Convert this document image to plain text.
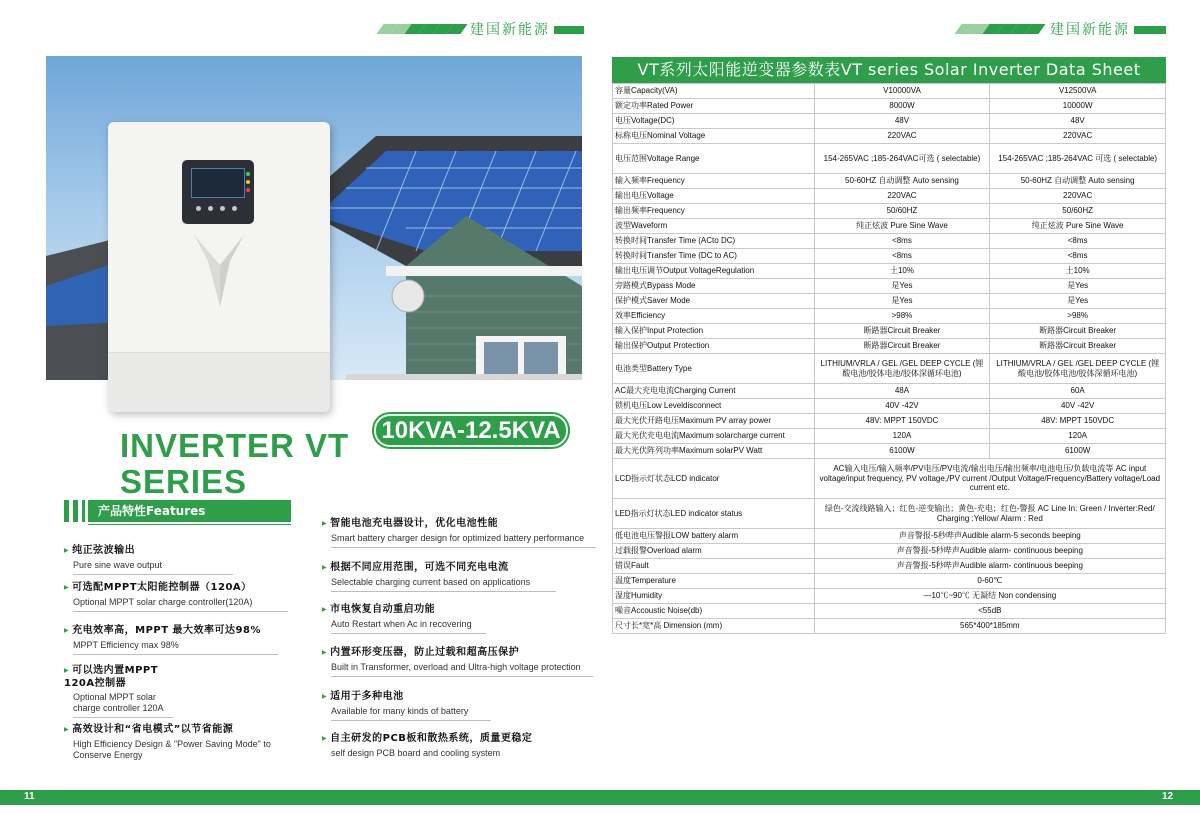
建国新能源
10KVA-12.5KVA
INVERTER VT
SERIES
产品特性Features
▶ 纯正弦波输出
Pure sine wave output
▶ 可选配MPPT太阳能控制器（120A）
Optional MPPT solar charge controller(120A)
▶ 充电效率高，MPPT 最大效率可达98%
MPPT Efficiency max 98%
▶ 可以选内置MPPT 120A控制器
Optional MPPT solar charge controller 120A
▶ 高效设计和“省电模式”以节省能源
High Efficiency Design & "Power Saving Mode" to Conserve Energy
▶ 智能电池充电器设计，优化电池性能
Smart battery charger design for optimized battery performance
▶ 根据不同应用范围，可选不同充电电流
Selectable charging current based on applications
▶ 市电恢复自动重启功能
Auto Restart when Ac in recovering
▶ 内置环形变压器，防止过载和超高压保护
Built in Transformer, overload and Ultra-high voltage protection
▶ 适用于多种电池
Available for many kinds of battery
▶ 自主研发的PCB板和散热系统，质量更稳定
self design PCB board and cooling system
11
建国新能源
VT系列太阳能逆变器参数表VT series Solar Inverter Data Sheet
容量Capacity(VA)	V10000VA	V12500VA
额定功率Rated Power	8000W	10000W
电压Voltage(DC)	48V	48V
标称电压Nominal Voltage	220VAC	220VAC
电压范围Voltage Range	154-265VAC ;185-264VAC可选 ( selectable)	154-265VAC ;185-264VAC 可选 ( selectable)
输入频率Frequency	50-60HZ 自动调整 Auto sensing	50-60HZ 自动调整 Auto sensing
输出电压Voltage	220VAC	220VAC
输出频率Frequency	50/60HZ	50/60HZ
波型Waveform	纯正炫波 Pure Sine Wave	纯正炫波 Pure Sine Wave
转换时间Transfer Time (ACto DC)	<8ms	<8ms
转换时间Transfer Time (DC to AC)	<8ms	<8ms
输出电压调节Output VoltageRegulation	土10%	土10%
旁路模式Bypass Mode	是Yes	是Yes
保护模式Saver Mode	是Yes	是Yes
效率Efficiency	>98%	>98%
输入保护Input Protection	断路器Circuit Breaker	断路器Circuit Breaker
输出保护Output Protection	断路器Circuit Breaker	断路器Circuit Breaker
电池类型Battery Type	LITHIUM/VRLA / GEL /GEL DEEP CYCLE (锂酸电池/胶体电池/胶体深循环电池)	LITHIUM/VRLA / GEL /GEL DEEP CYCLE (锂酸电池/胶体电池/胶体深循环电池)
AC最大充电电流Charging Current	48A	60A
锁机电压Low Leveldisconnect	40V -42V	40V -42V
最大光伏开路电压Maximum PV array power	48V: MPPT 150VDC	48V: MPPT 150VDC
最大光伏充电电流Maximum solarcharge current	120A	120A
最大光伏阵列功率Maximum solarPV Watt	6100W	6100W
LCD指示灯状态LCD indicator	AC输入电压/输入频率/PV电压/PV电流/输出电压/输出频率/电池电压/负载电流等 AC input voltage/input frequency, PV voltage,/PV current /Output Voltage/Frequency/Battery voltage/Load current etc.	
LED指示灯状态LED indicator status	绿色-交流线路输入；红色-逆变输出；黄色-充电；红色-警报 AC Line In: Green / Inverter:Red/ Charging :Yellow/ Alarm : Red	
低电池电压警报LOW battery alarm	声音警报-5秒哔声Audible alarm-5 seconds beeping	
过载报警Overload alarm	声音警报-5秒哔声Audible alarm- continuous beeping	
错误Fault	声音警报-5秒哔声Audible alarm- continuous beeping	
温度Temperature	0-60℃	
湿度Humidity	—10℃~90℃ 无凝结 Non condensing	
噪音Accoustic Noise(db)	<55dB	
尺寸长*宽*高 Dimension (mm)	565*400*185mm	
12
